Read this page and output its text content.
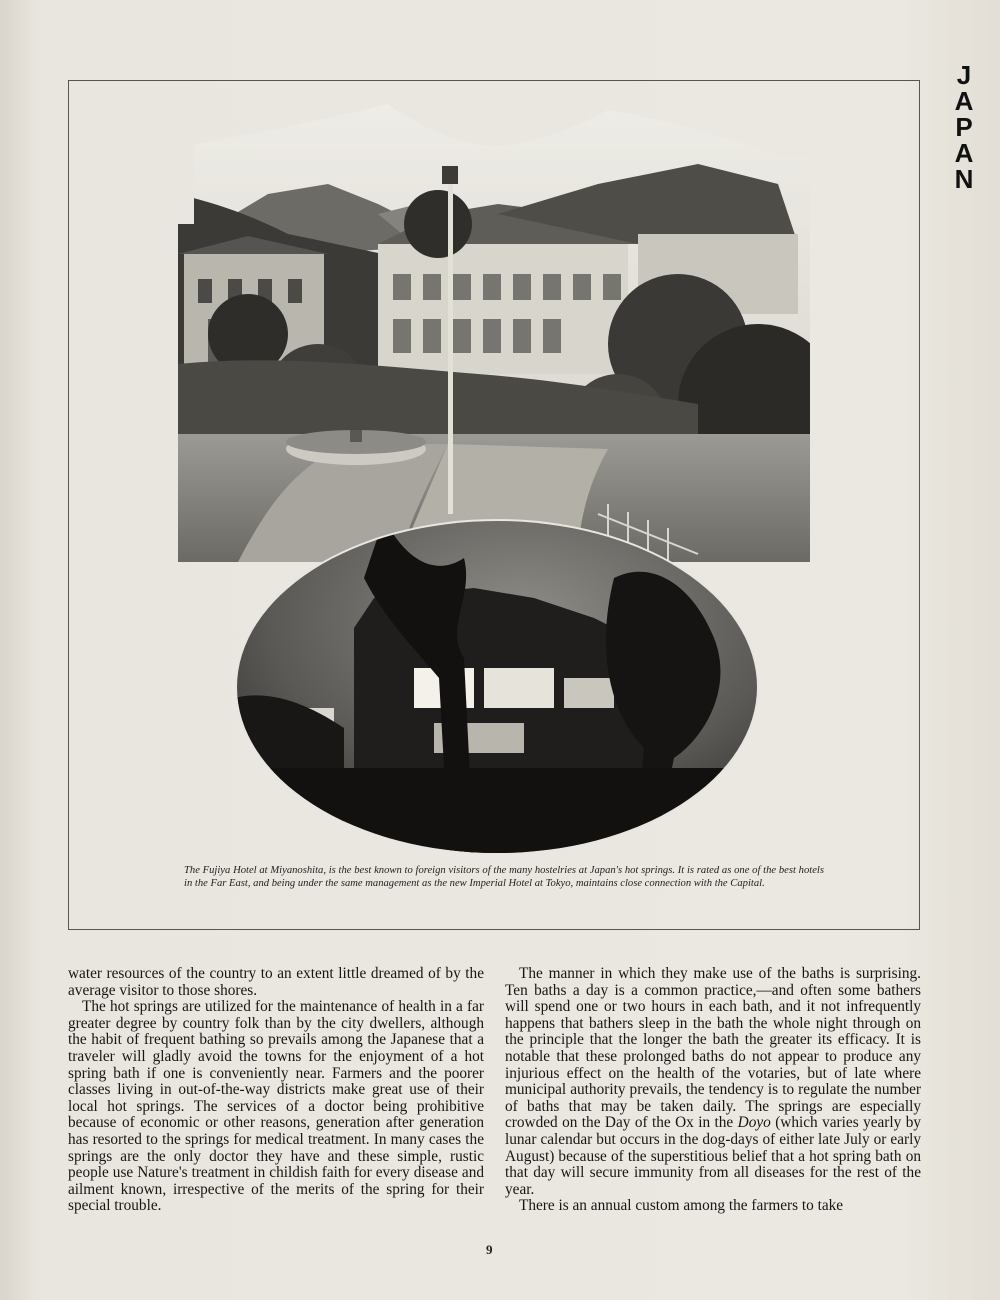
J
A
P
A
N
The Fujiya Hotel at Miyanoshita, is the best known to foreign visitors of the many hostelries at Japan's hot springs. It is rated as one of the best hotels in the Far East, and being under the same management as the new Imperial Hotel at Tokyo, maintains close connection with the Capital.

water resources of the country to an extent little dreamed of by the average visitor to those shores.

The hot springs are utilized for the maintenance of health in a far greater degree by country folk than by the city dwellers, although the habit of frequent bathing so prevails among the Japanese that a traveler will gladly avoid the towns for the enjoyment of a hot spring bath if one is conveniently near. Farmers and the poorer classes living in out-of-the-way districts make great use of their local hot springs. The services of a doctor being prohibitive because of economic or other reasons, generation after generation has resorted to the springs for medical treatment. In many cases the springs are the only doctor they have and these simple, rustic people use Nature's treatment in childish faith for every disease and ailment known, irrespective of the merits of the spring for their special trouble.

The manner in which they make use of the baths is surprising. Ten baths a day is a common practice,—and often some bathers will spend one or two hours in each bath, and it not infrequently happens that bathers sleep in the bath the whole night through on the principle that the longer the bath the greater its efficacy. It is notable that these prolonged baths do not appear to produce any injurious effect on the health of the votaries, but of late where municipal authority prevails, the tendency is to regulate the number of baths that may be taken daily. The springs are especially crowded on the Day of the Ox in the Doyo (which varies yearly by lunar calendar but occurs in the dog-days of either late July or early August) because of the superstitious belief that a hot spring bath on that day will secure immunity from all diseases for the rest of the year.

There is an annual custom among the farmers to take

9
